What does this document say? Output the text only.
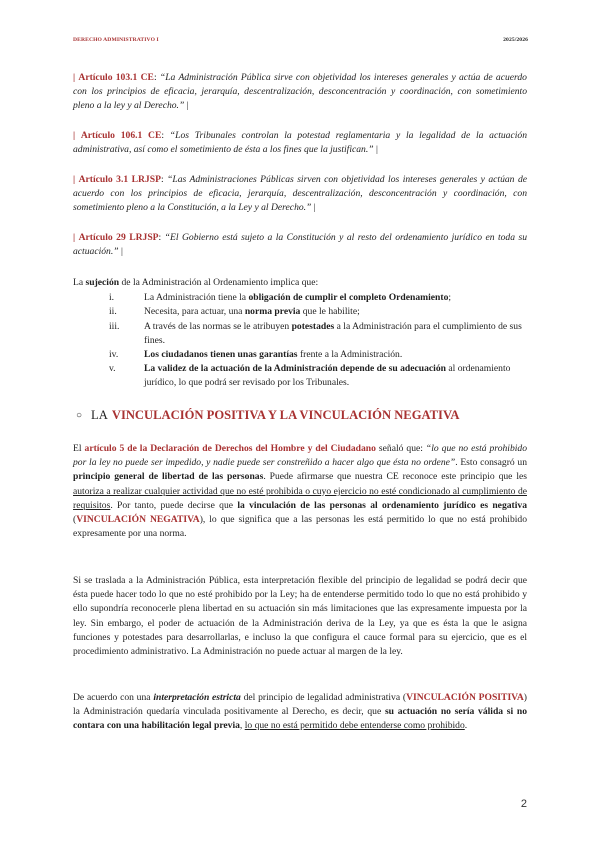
DERECHO ADMINISTRATIVO I	2025/2026

| Artículo 103.1 CE: “La Administración Pública sirve con objetividad los intereses generales y actúa de acuerdo con los principios de eficacia, jerarquía, descentralización, desconcentración y coordinación, con sometimiento pleno a la ley y al Derecho.” |

| Artículo 106.1 CE: “Los Tribunales controlan la potestad reglamentaria y la legalidad de la actuación administrativa, así como el sometimiento de ésta a los fines que la justifican.” |

| Artículo 3.1 LRJSP: “Las Administraciones Públicas sirven con objetividad los intereses generales y actúan de acuerdo con los principios de eficacia, jerarquía, descentralización, desconcentración y coordinación, con sometimiento pleno a la Constitución, a la Ley y al Derecho.” |

| Artículo 29 LRJSP: “El Gobierno está sujeto a la Constitución y al resto del ordenamiento jurídico en toda su actuación.” |

La sujeción de la Administración al Ordenamiento implica que:

i.	La Administración tiene la obligación de cumplir el completo Ordenamiento;
ii.	Necesita, para actuar, una norma previa que le habilite;
iii.	A través de las normas se le atribuyen potestades a la Administración para el cumplimiento de sus fines.
iv.	Los ciudadanos tienen unas garantías frente a la Administración.
v.	La validez de la actuación de la Administración depende de su adecuación al ordenamiento jurídico, lo que podrá ser revisado por los Tribunales.
○ LA VINCULACIÓN POSITIVA Y LA VINCULACIÓN NEGATIVA

El artículo 5 de la Declaración de Derechos del Hombre y del Ciudadano señaló que: “lo que no está prohibido por la ley no puede ser impedido, y nadie puede ser constreñido a hacer algo que ésta no ordene”. Esto consagró un principio general de libertad de las personas. Puede afirmarse que nuestra CE reconoce este principio que les autoriza a realizar cualquier actividad que no esté prohibida o cuyo ejercicio no esté condicionado al cumplimiento de requisitos. Por tanto, puede decirse que la vinculación de las personas al ordenamiento jurídico es negativa (VINCULACIÓN NEGATIVA), lo que significa que a las personas les está permitido lo que no está prohibido expresamente por una norma.

Si se traslada a la Administración Pública, esta interpretación flexible del principio de legalidad se podrá decir que ésta puede hacer todo lo que no esté prohibido por la Ley; ha de entenderse permitido todo lo que no está prohibido y ello supondría reconocerle plena libertad en su actuación sin más limitaciones que las expresamente impuesta por la ley. Sin embargo, el poder de actuación de la Administración deriva de la Ley, ya que es ésta la que le asigna funciones y potestades para desarrollarlas, e incluso la que configura el cauce formal para su ejercicio, que es el procedimiento administrativo. La Administración no puede actuar al margen de la ley.

De acuerdo con una interpretación estricta del principio de legalidad administrativa (VINCULACIÓN POSITIVA) la Administración quedaría vinculada positivamente al Derecho, es decir, que su actuación no sería válida si no contara con una habilitación legal previa, lo que no está permitido debe entenderse como prohibido.

2
